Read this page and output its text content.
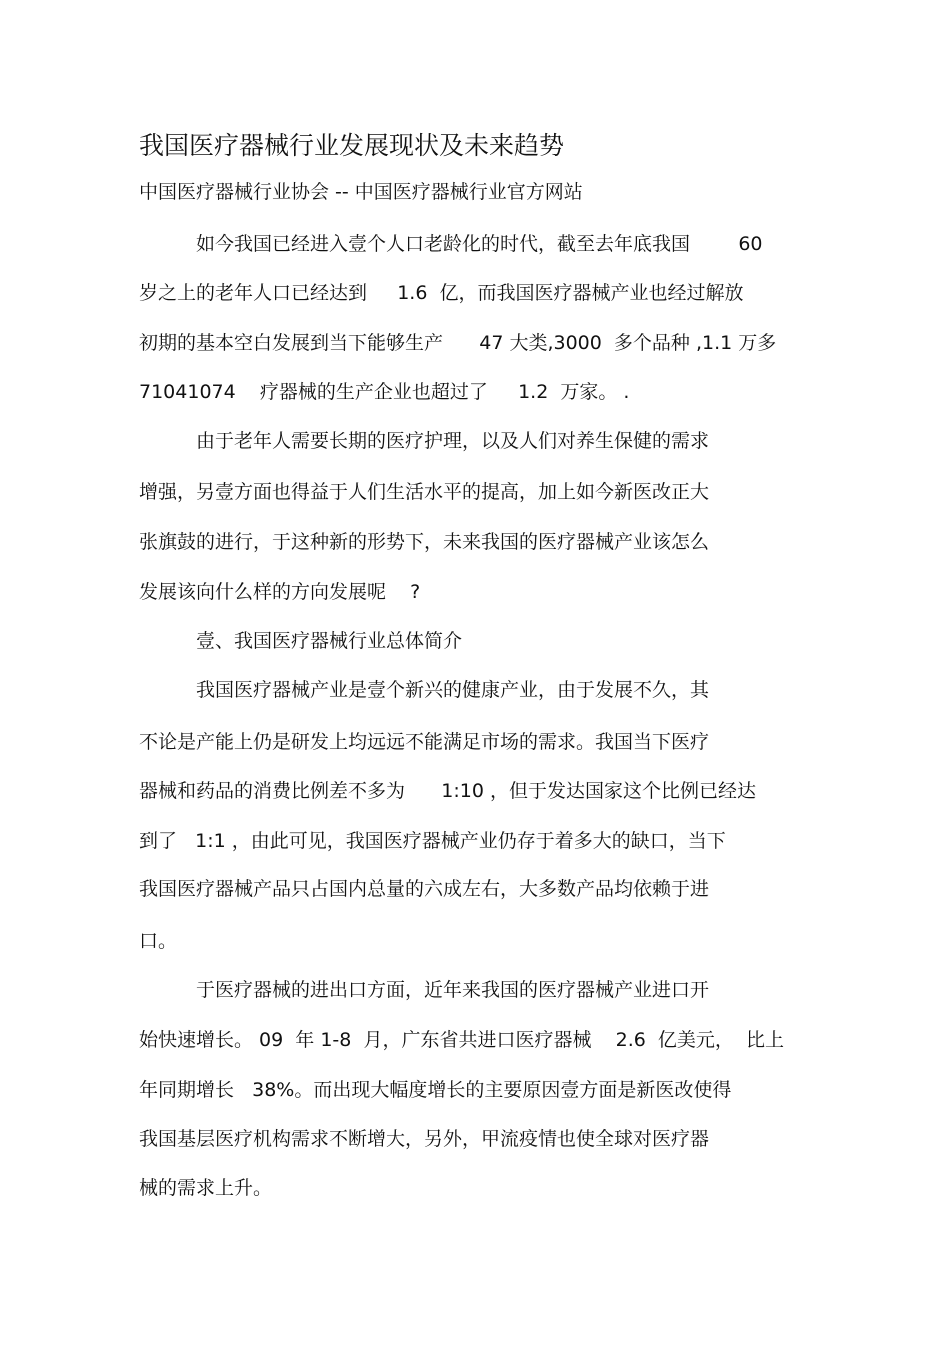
我国医疗器械行业发展现状及未来趋势
中国医疗器械行业协会 -- 中国医疗器械行业官方网站
如今我国已经进入壹个人口老龄化的时代，截至去年底我国        60
岁之上的老年人口已经达到     1.6  亿，而我国医疗器械产业也经过解放
初期的基本空白发展到当下能够生产      47 大类,3000  多个品种 ,1.1 万多
71041074    疗器械的生产企业也超过了     1.2  万家。 .
由于老年人需要长期的医疗护理，以及人们对养生保健的需求
增强，另壹方面也得益于人们生活水平的提高，加上如今新医改正大
张旗鼓的进行，于这种新的形势下，未来我国的医疗器械产业该怎么
发展该向什么样的方向发展呢    ?
壹、我国医疗器械行业总体简介
我国医疗器械产业是壹个新兴的健康产业，由于发展不久，其
不论是产能上仍是研发上均远远不能满足市场的需求。我国当下医疗
器械和药品的消费比例差不多为      1:10 ，但于发达国家这个比例已经达
到了   1:1 ，由此可见，我国医疗器械产业仍存于着多大的缺口，当下
我国医疗器械产品只占国内总量的六成左右，大多数产品均依赖于进
口。
于医疗器械的进出口方面，近年来我国的医疗器械产业进口开
始快速增长。 09  年 1-8  月，广东省共进口医疗器械    2.6  亿美元，  比上
年同期增长   38%。而出现大幅度增长的主要原因壹方面是新医改使得
我国基层医疗机构需求不断增大，另外，甲流疫情也使全球对医疗器
械的需求上升。
